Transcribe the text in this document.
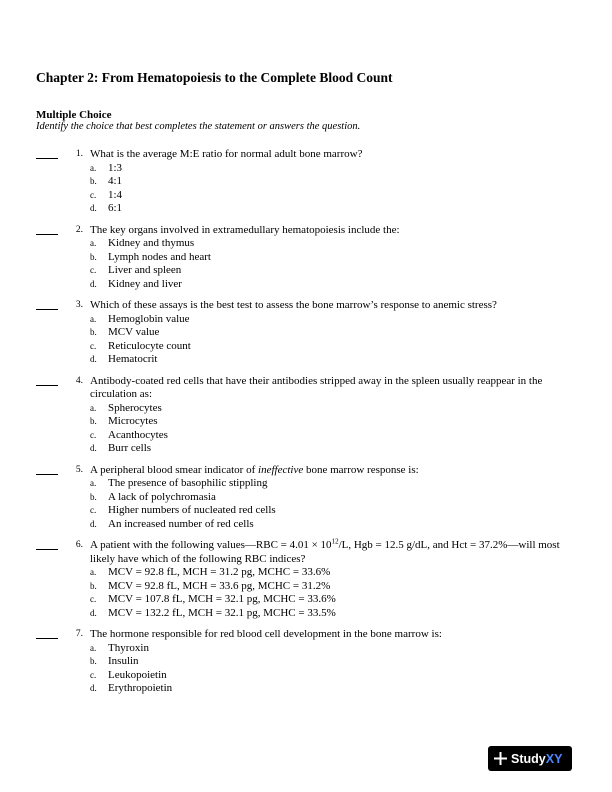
Chapter 2: From Hematopoiesis to the Complete Blood Count
Multiple Choice
Identify the choice that best completes the statement or answers the question.
1. What is the average M:E ratio for normal adult bone marrow?
a. 1:3
b. 4:1
c. 1:4
d. 6:1
2. The key organs involved in extramedullary hematopoiesis include the:
a. Kidney and thymus
b. Lymph nodes and heart
c. Liver and spleen
d. Kidney and liver
3. Which of these assays is the best test to assess the bone marrow’s response to anemic stress?
a. Hemoglobin value
b. MCV value
c. Reticulocyte count
d. Hematocrit
4. Antibody-coated red cells that have their antibodies stripped away in the spleen usually reappear in the circulation as:
a. Spherocytes
b. Microcytes
c. Acanthocytes
d. Burr cells
5. A peripheral blood smear indicator of ineffective bone marrow response is:
a. The presence of basophilic stippling
b. A lack of polychromasia
c. Higher numbers of nucleated red cells
d. An increased number of red cells
6. A patient with the following values—RBC = $4.01 \times 10^{12}/L$, Hgb = 12.5 g/dL, and Hct = 37.2%—will most likely have which of the following RBC indices?
a. MCV = 92.8 fL, MCH = 31.2 pg, MCHC = 33.6%
b. MCV = 92.8 fL, MCH = 33.6 pg, MCHC = 31.2%
c. MCV = 107.8 fL, MCH = 32.1 pg, MCHC = 33.6%
d. MCV = 132.2 fL, MCH = 32.1 pg, MCHC = 33.5%
7. The hormone responsible for red blood cell development in the bone marrow is:
a. Thyroxin
b. Insulin
c. Leukopoietin
d. Erythropoietin
StudyXY
